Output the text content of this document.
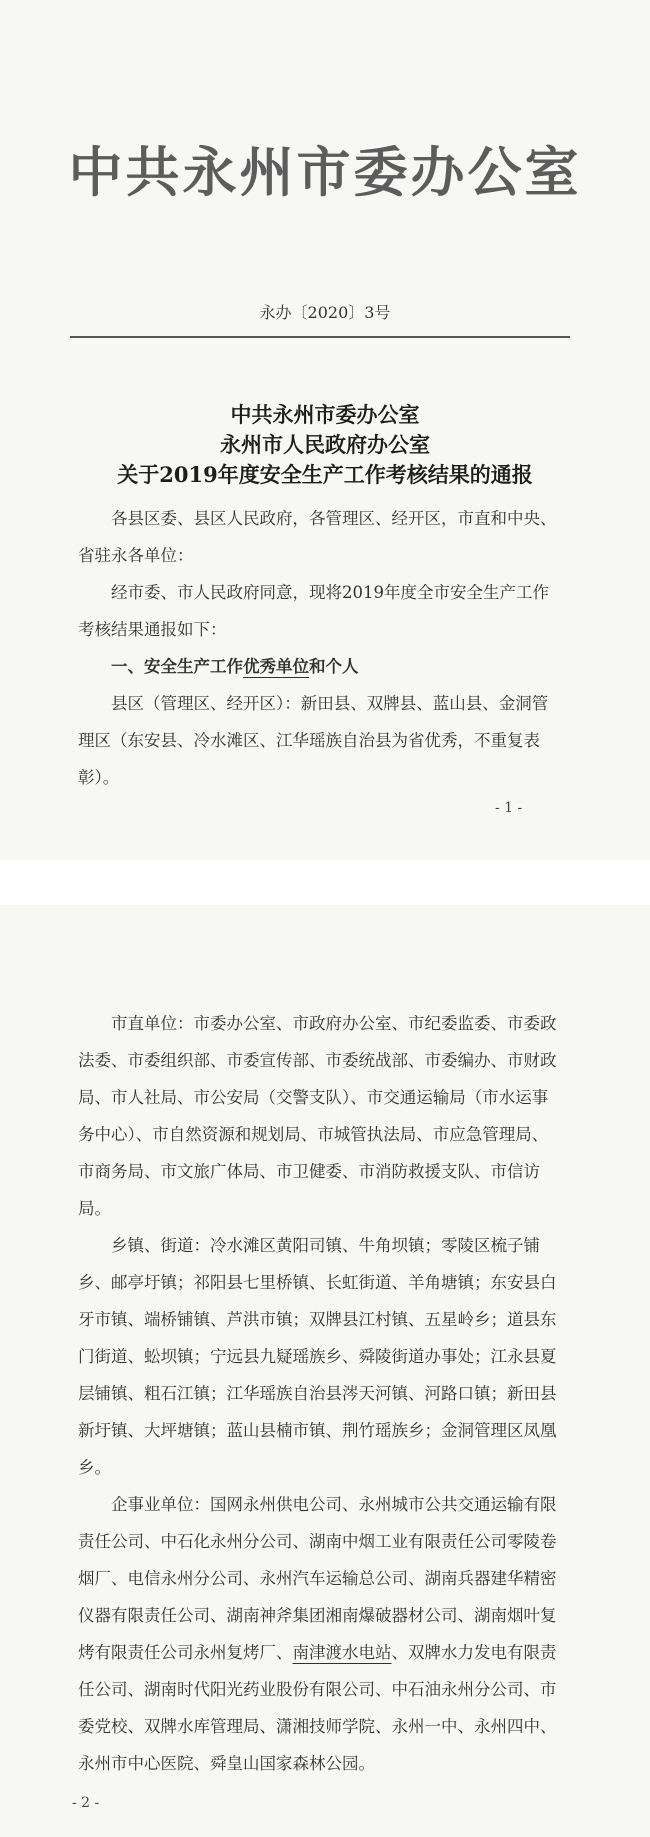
中共永州市委办公室
永办〔2020〕3号
中共永州市委办公室
永州市人民政府办公室
关于2019年度安全生产工作考核结果的通报

各县区委、县区人民政府，各管理区、经开区，市直和中央、省驻永各单位：

经市委、市人民政府同意，现将2019年度全市安全生产工作考核结果通报如下：

一、安全生产工作优秀单位和个人

县区（管理区、经开区）：新田县、双牌县、蓝山县、金洞管理区（东安县、冷水滩区、江华瑶族自治县为省优秀，不重复表彰）。

- 1 -

市直单位：市委办公室、市政府办公室、市纪委监委、市委政法委、市委组织部、市委宣传部、市委统战部、市委编办、市财政局、市人社局、市公安局（交警支队）、市交通运输局（市水运事务中心）、市自然资源和规划局、市城管执法局、市应急管理局、市商务局、市文旅广体局、市卫健委、市消防救援支队、市信访局。

乡镇、街道：冷水滩区黄阳司镇、牛角坝镇；零陵区梳子铺乡、邮亭圩镇；祁阳县七里桥镇、长虹街道、羊角塘镇；东安县白牙市镇、端桥铺镇、芦洪市镇；双牌县江村镇、五星岭乡；道县东门街道、蚣坝镇；宁远县九疑瑶族乡、舜陵街道办事处；江永县夏层铺镇、粗石江镇；江华瑶族自治县涔天河镇、河路口镇；新田县新圩镇、大坪塘镇；蓝山县楠市镇、荆竹瑶族乡；金洞管理区凤凰乡。

企事业单位：国网永州供电公司、永州城市公共交通运输有限责任公司、中石化永州分公司、湖南中烟工业有限责任公司零陵卷烟厂、电信永州分公司、永州汽车运输总公司、湖南兵器建华精密仪器有限责任公司、湖南神斧集团湘南爆破器材公司、湖南烟叶复烤有限责任公司永州复烤厂、南津渡水电站、双牌水力发电有限责任公司、湖南时代阳光药业股份有限公司、中石油永州分公司、市委党校、双牌水库管理局、潇湘技师学院、永州一中、永州四中、永州市中心医院、舜皇山国家森林公园。

- 2 -
